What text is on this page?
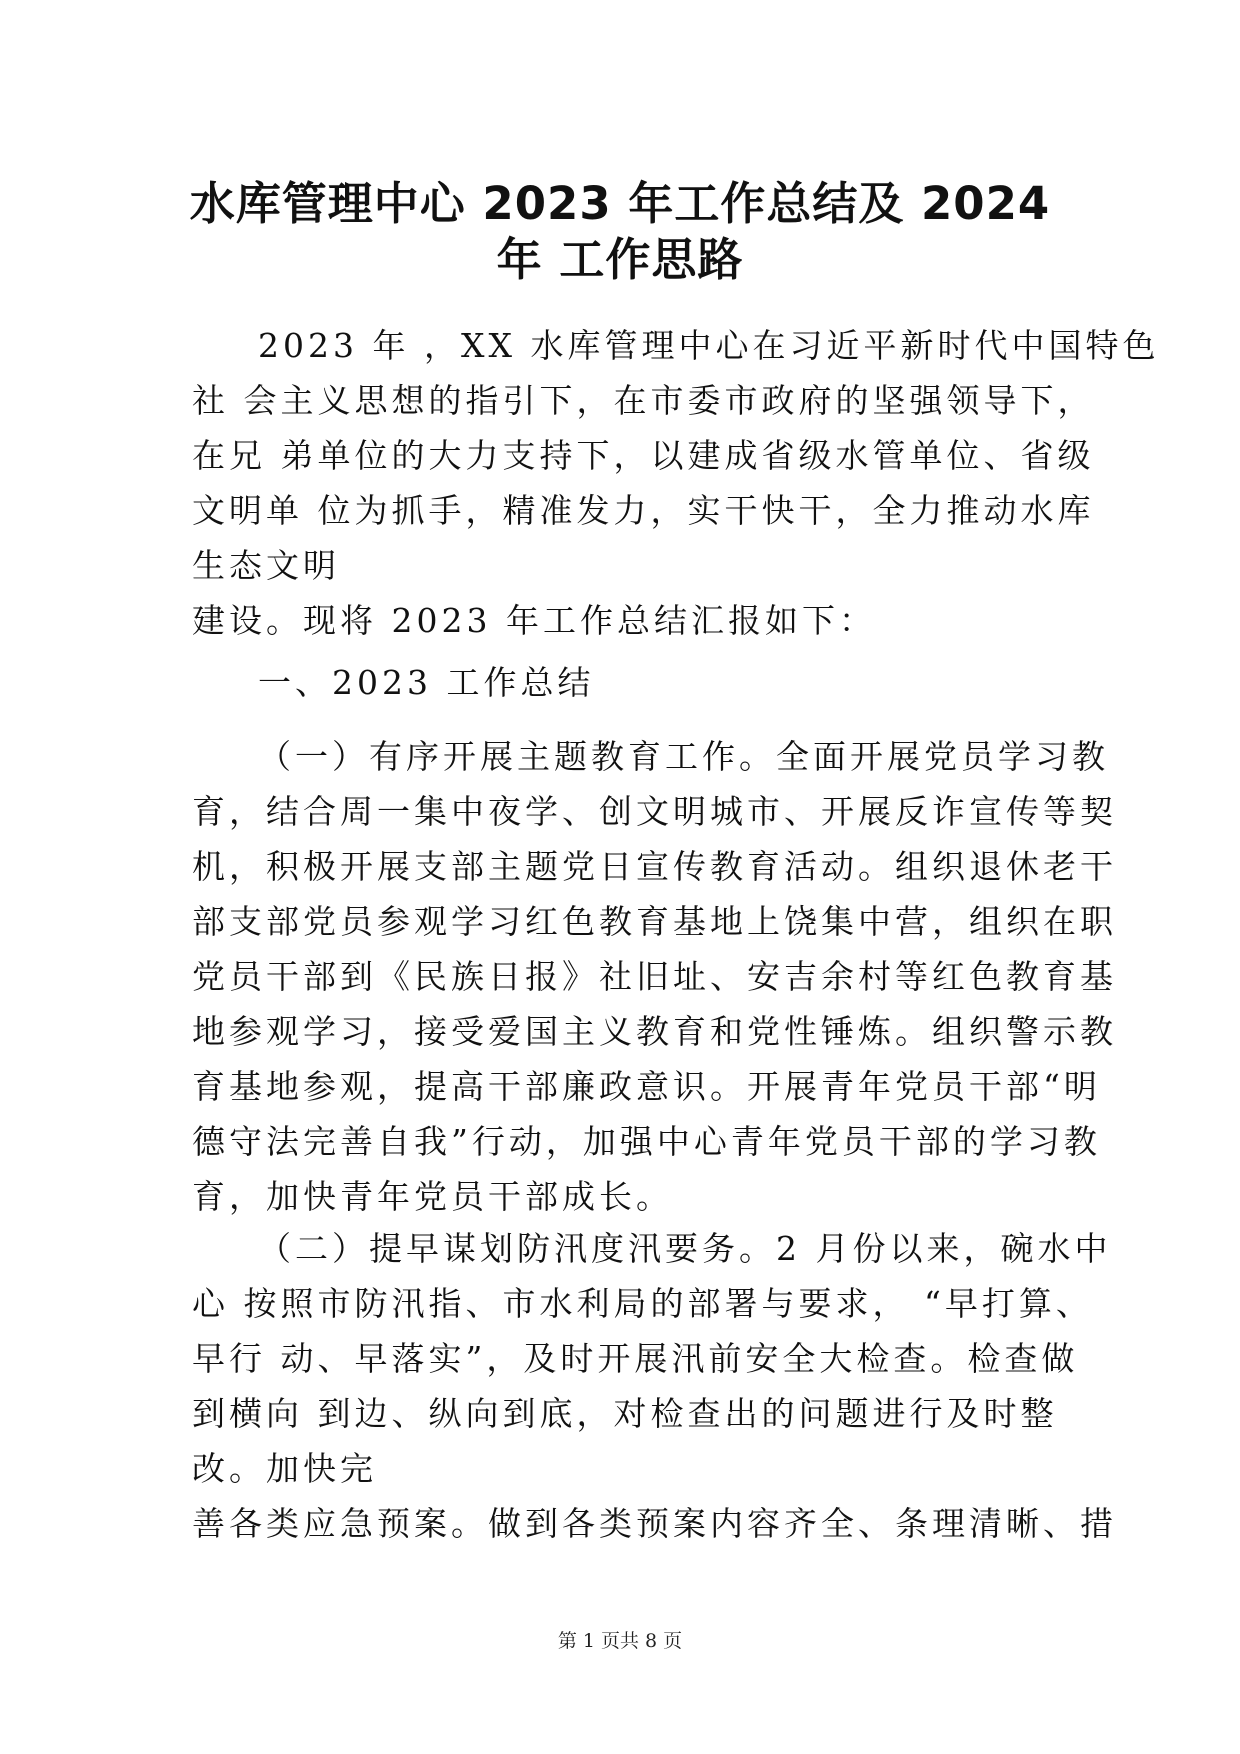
水库管理中心 2023 年工作总结及 2024
年 工作思路
2023 年 ，XX 水库管理中心在习近平新时代中国特色
社 会主义思想的指引下，在市委市政府的坚强领导下，
在兄 弟单位的大力支持下，以建成省级水管单位、省级
文明单 位为抓手，精准发力，实干快干，全力推动水库
生态文明
建设。现将 2023 年工作总结汇报如下：
一、2023 工作总结
（一）有序开展主题教育工作。全面开展党员学习教
育，结合周一集中夜学、创文明城市、开展反诈宣传等契
机，积极开展支部主题党日宣传教育活动。组织退休老干
部支部党员参观学习红色教育基地上饶集中营，组织在职
党员干部到《民族日报》社旧址、安吉余村等红色教育基
地参观学习，接受爱国主义教育和党性锤炼。组织警示教
育基地参观，提高干部廉政意识。开展青年党员干部“明
德守法完善自我”行动，加强中心青年党员干部的学习教
育，加快青年党员干部成长。
（二）提早谋划防汛度汛要务。2 月份以来，碗水中
心 按照市防汛指、市水利局的部署与要求， “早打算、
早行 动、早落实”，及时开展汛前安全大检查。检查做
到横向 到边、纵向到底，对检查出的问题进行及时整
改。加快完
善各类应急预案。做到各类预案内容齐全、条理清晰、措
第 1 页共 8 页
